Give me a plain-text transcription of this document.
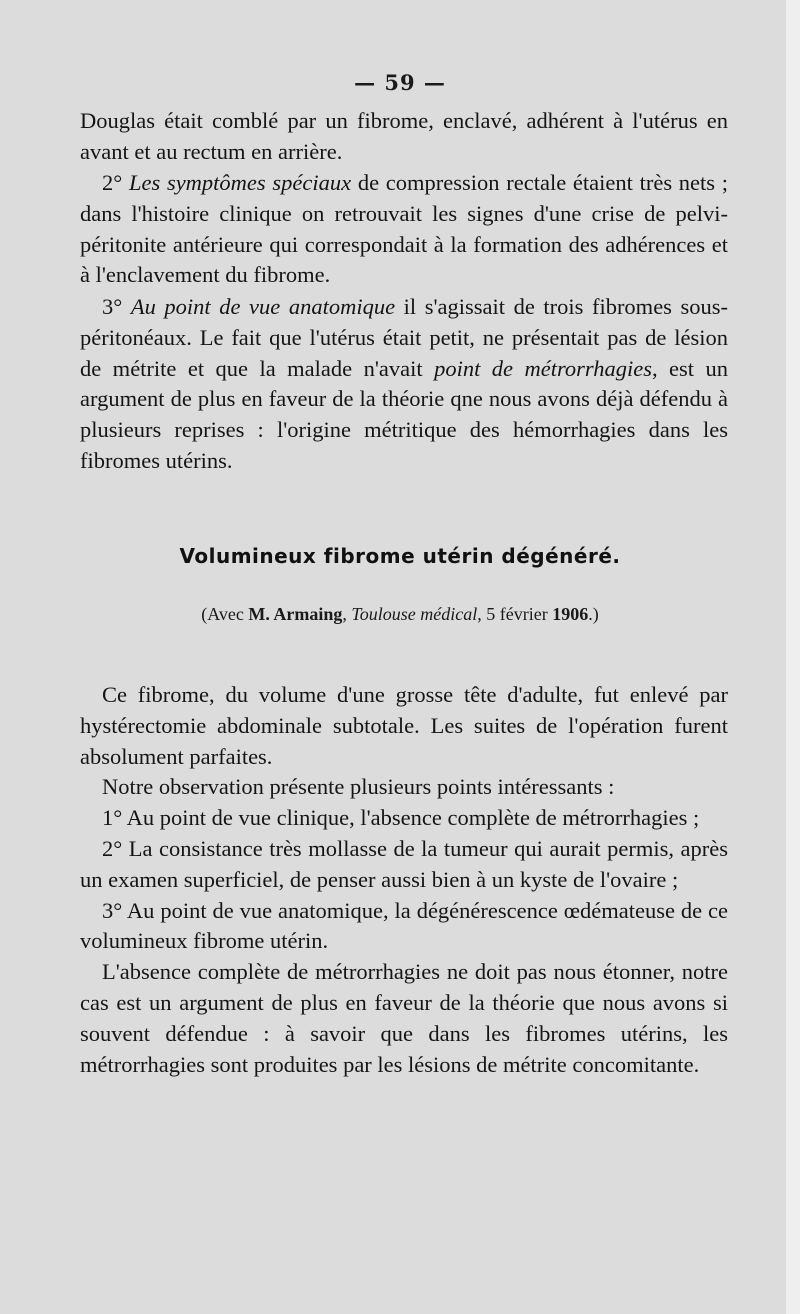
— 59 —

Douglas était comblé par un fibrome, enclavé, adhérent à l'utérus en avant et au rectum en arrière.

2° Les symptômes spéciaux de compression rectale étaient très nets ; dans l'histoire clinique on retrouvait les signes d'une crise de pelvi-péritonite antérieure qui correspondait à la formation des adhérences et à l'enclavement du fibrome.

3° Au point de vue anatomique il s'agissait de trois fibromes sous-péritonéaux. Le fait que l'utérus était petit, ne présentait pas de lésion de métrite et que la malade n'avait point de métrorrhagies, est un argument de plus en faveur de la théorie qne nous avons déjà défendu à plusieurs reprises : l'origine métritique des hémorrhagies dans les fibromes utérins.

Volumineux fibrome utérin dégénéré.
(Avec M. Armaing, Toulouse médical, 5 février 1906.)

Ce fibrome, du volume d'une grosse tête d'adulte, fut enlevé par hystérectomie abdominale subtotale. Les suites de l'opération furent absolument parfaites.

Notre observation présente plusieurs points intéressants :

1° Au point de vue clinique, l'absence complète de métrorrhagies ;

2° La consistance très mollasse de la tumeur qui aurait permis, après un examen superficiel, de penser aussi bien à un kyste de l'ovaire ;

3° Au point de vue anatomique, la dégénérescence œdémateuse de ce volumineux fibrome utérin.

L'absence complète de métrorrhagies ne doit pas nous étonner, notre cas est un argument de plus en faveur de la théorie que nous avons si souvent défendue : à savoir que dans les fibromes utérins, les métrorrhagies sont produites par les lésions de métrite concomitante.
